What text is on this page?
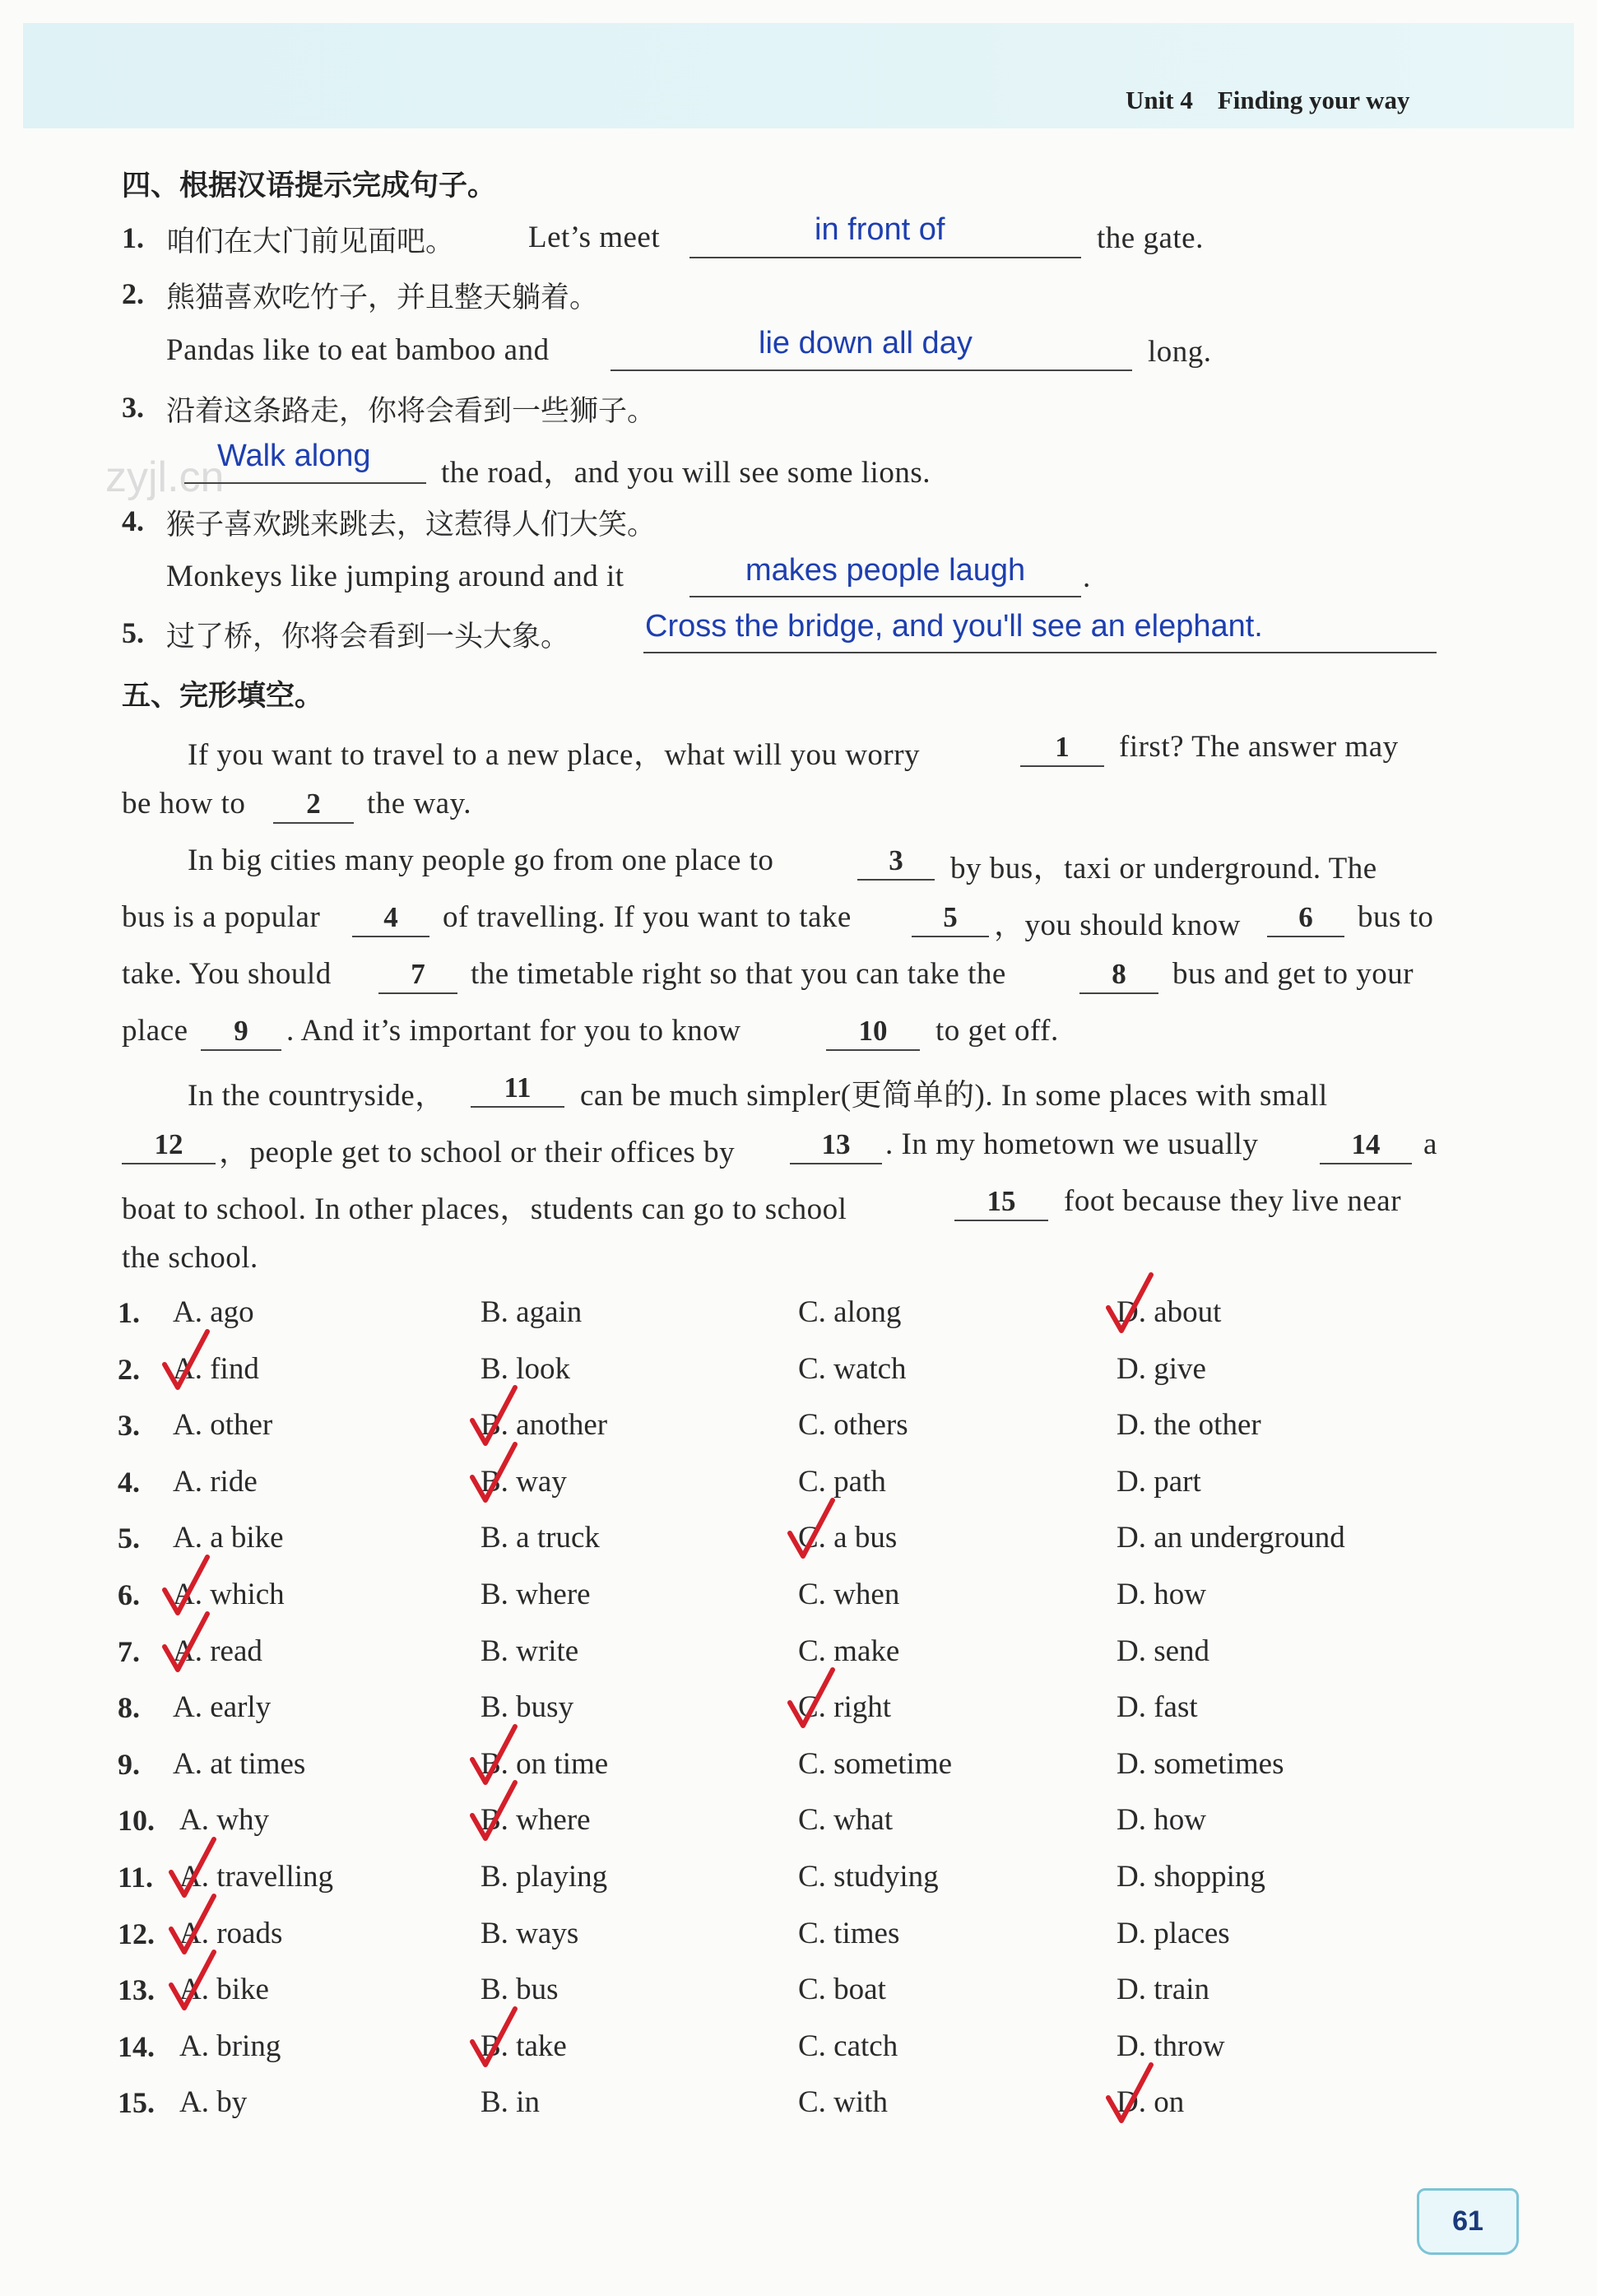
Unit 4 Finding your way
zyjl.cn
四、根据汉语提示完成句子。
1. 咱们在大门前见面吧。 Let’s meet	in front of	the gate.
2. 熊猫喜欢吃竹子，并且整天躺着。
Pandas like to eat bamboo and	lie down all day	long.
3. 沿着这条路走，你将会看到一些狮子。
Walk along the road，and you will see some lions.
4. 猴子喜欢跳来跳去，这惹得人们大笑。
Monkeys like jumping around and it	makes people laugh .
5. 过了桥，你将会看到一头大象。 Cross the bridge, and you'll see an elephant.
五、完形填空。
If you want to travel to a new place，what will you worry	1	first? The answer may
be how to	2	the way.
In big cities many people go from one place to	3	by bus，taxi or underground. The
bus is a popular	4	of travelling. If you want to take	5	，you should know	6	bus to
take. You should	7	the timetable right so that you can take the	8	bus and get to your
place	9	. And it’s important for you to know	10	to get off.
In the countryside，	11	can be much simpler(更简单的). In some places with small
12	，people get to school or their offices by	13	. In my hometown we usually	14	a
boat to school. In other places，students can go to school	15	foot because they live near
the school.
1. A. ago	B. again	C. along	D. about
2. A. find	B. look	C. watch	D. give
3. A. other	B. another	C. others	D. the other
4. A. ride	B. way	C. path	D. part
5. A. a bike	B. a truck	C. a bus	D. an underground
6. A. which	B. where	C. when	D. how
7. A. read	B. write	C. make	D. send
8. A. early	B. busy	C. right	D. fast
9. A. at times	B. on time	C. sometime	D. sometimes
10. A. why	B. where	C. what	D. how
11. A. travelling	B. playing	C. studying	D. shopping
12. A. roads	B. ways	C. times	D. places
13. A. bike	B. bus	C. boat	D. train
14. A. bring	B. take	C. catch	D. throw
15. A. by	B. in	C. with	D. on
61
